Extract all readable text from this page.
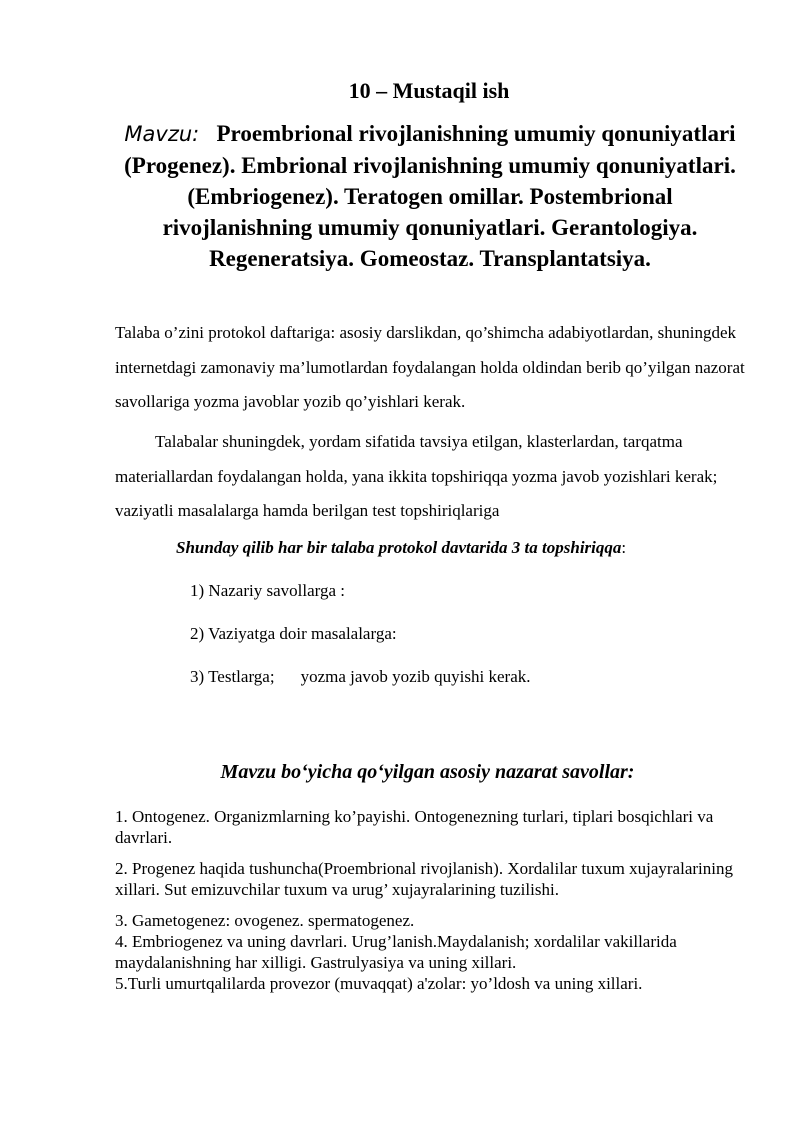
10 – Mustaqil ish
Mavzu: Proembrional rivojlanishning umumiy qonuniyatlari (Progenez). Embrional rivojlanishning umumiy qonuniyatlari. (Embriogenez). Teratogen omillar. Postembrional rivojlanishning umumiy qonuniyatlari. Gerantologiya. Regeneratsiya. Gomeostaz. Transplantatsiya.

Talaba o’zini protokol daftariga: asosiy darslikdan, qo’shimcha adabiyotlardan, shuningdek internetdagi zamonaviy ma’lumotlardan foydalangan holda oldindan berib qo’yilgan nazorat savollariga yozma javoblar yozib qo’yishlari kerak.

Talabalar shuningdek, yordam sifatida tavsiya etilgan, klasterlardan, tarqatma materiallardan foydalangan holda, yana ikkita topshiriqqa yozma javob yozishlari kerak; vaziyatli masalalarga hamda berilgan test topshiriqlariga

Shunday qilib har bir talaba protokol davtarida 3 ta topshiriqqa:
1) Nazariy savollarga :
2) Vaziyatga doir masalalarga:
3) Testlarga; yozma javob yozib quyishi kerak.
Mavzu bo‘yicha qo‘yilgan asosiy nazarat savollar:

1. Ontogenez. Organizmlarning ko’payishi. Ontogenezning turlari, tiplari bosqichlari va davrlari.

2. Progenez haqida tushuncha(Proembrional rivojlanish). Xordalilar tuxum xujayralarining xillari. Sut emizuvchilar tuxum va urug’ xujayralarining tuzilishi.

3. Gametogenez: ovogenez. spermatogenez.

4. Embriogenez va uning davrlari. Urug’lanish.Maydalanish; xordalilar vakillarida maydalanishning har xilligi. Gastrulyasiya va uning xillari.

5.Turli umurtqalilarda provezor (muvaqqat) a'zolar: yo’ldosh va uning xillari.
